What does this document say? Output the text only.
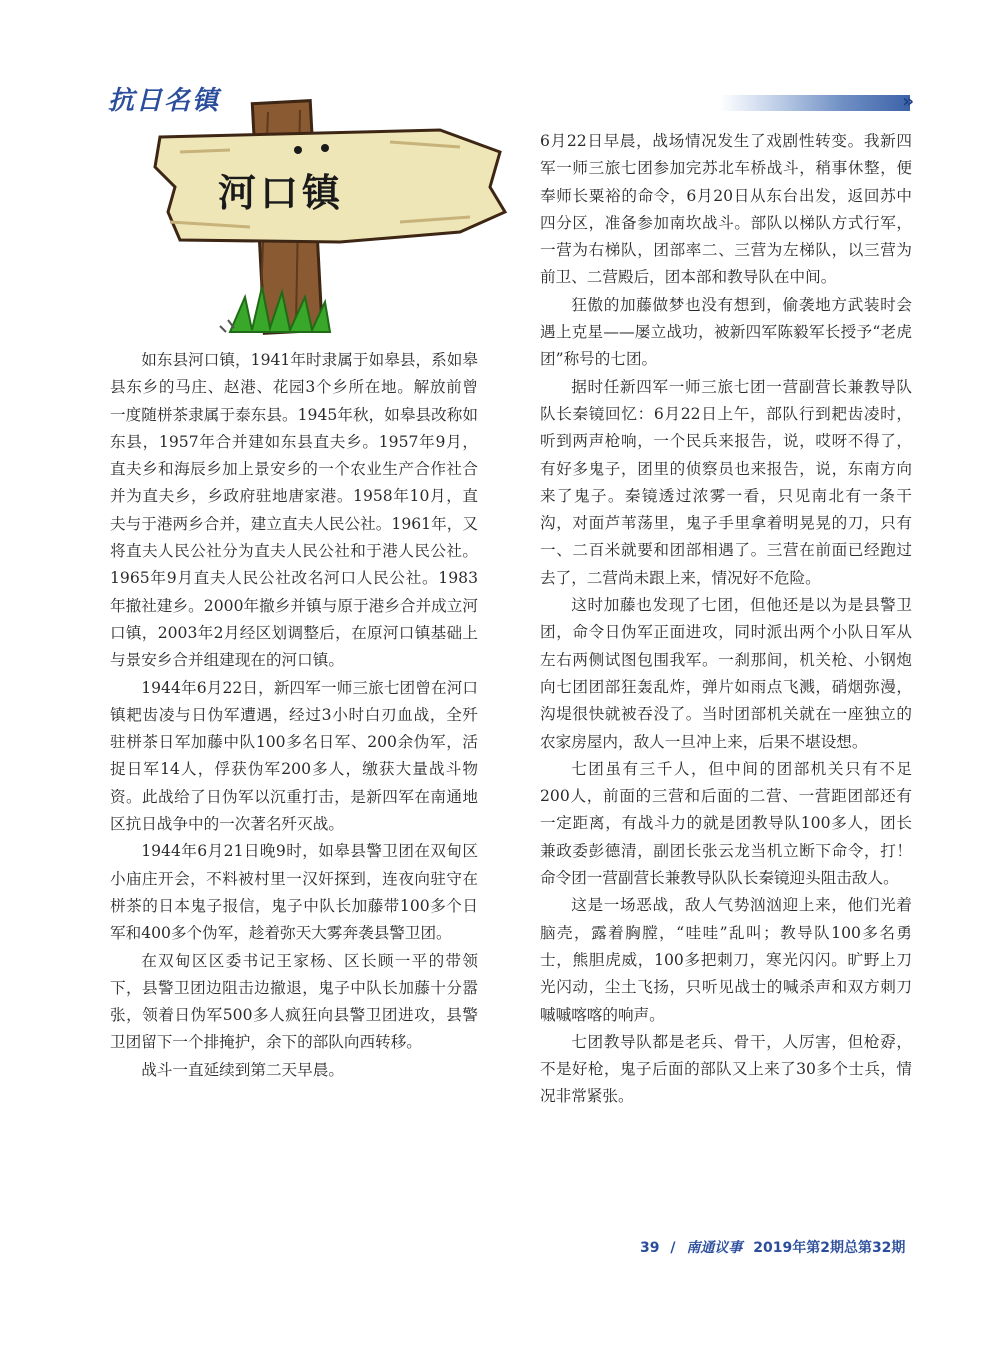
抗日名镇	»
河口镇

如东县河口镇，1941年时隶属于如皋县，系如皋县东乡的马庄、赵港、花园3个乡所在地。解放前曾一度随栟茶隶属于泰东县。1945年秋，如皋县改称如东县，1957年合并建如东县直夫乡。1957年9月，直夫乡和海辰乡加上景安乡的一个农业生产合作社合并为直夫乡，乡政府驻地唐家港。1958年10月，直夫与于港两乡合并，建立直夫人民公社。1961年，又将直夫人民公社分为直夫人民公社和于港人民公社。1965年9月直夫人民公社改名河口人民公社。1983年撤社建乡。2000年撤乡并镇与原于港乡合并成立河口镇，2003年2月经区划调整后，在原河口镇基础上与景安乡合并组建现在的河口镇。

1944年6月22日，新四军一师三旅七团曾在河口镇耙齿凌与日伪军遭遇，经过3小时白刃血战，全歼驻栟茶日军加藤中队100多名日军、200余伪军，活捉日军14人，俘获伪军200多人，缴获大量战斗物资。此战给了日伪军以沉重打击，是新四军在南通地区抗日战争中的一次著名歼灭战。

1944年6月21日晚9时，如皋县警卫团在双甸区小庙庄开会，不料被村里一汉奸探到，连夜向驻守在栟茶的日本鬼子报信，鬼子中队长加藤带100多个日军和400多个伪军，趁着弥天大雾奔袭县警卫团。

在双甸区区委书记王家杨、区长顾一平的带领下，县警卫团边阻击边撤退，鬼子中队长加藤十分嚣张，领着日伪军500多人疯狂向县警卫团进攻，县警卫团留下一个排掩护，余下的部队向西转移。

战斗一直延续到第二天早晨。

6月22日早晨，战场情况发生了戏剧性转变。我新四军一师三旅七团参加完苏北车桥战斗，稍事休整，便奉师长粟裕的命令，6月20日从东台出发，返回苏中四分区，准备参加南坎战斗。部队以梯队方式行军，一营为右梯队，团部率二、三营为左梯队，以三营为前卫、二营殿后，团本部和教导队在中间。

狂傲的加藤做梦也没有想到，偷袭地方武装时会遇上克星——屡立战功，被新四军陈毅军长授予“老虎团”称号的七团。

据时任新四军一师三旅七团一营副营长兼教导队队长秦镜回忆：6月22日上午，部队行到耙齿凌时，听到两声枪响，一个民兵来报告，说，哎呀不得了，有好多鬼子，团里的侦察员也来报告，说，东南方向来了鬼子。秦镜透过浓雾一看，只见南北有一条干沟，对面芦苇荡里，鬼子手里拿着明晃晃的刀，只有一、二百米就要和团部相遇了。三营在前面已经跑过去了，二营尚未跟上来，情况好不危险。

这时加藤也发现了七团，但他还是以为是县警卫团，命令日伪军正面进攻，同时派出两个小队日军从左右两侧试图包围我军。一刹那间，机关枪、小钢炮向七团团部狂轰乱炸，弹片如雨点飞溅，硝烟弥漫，沟堤很快就被吞没了。当时团部机关就在一座独立的农家房屋内，敌人一旦冲上来，后果不堪设想。

七团虽有三千人，但中间的团部机关只有不足200人，前面的三营和后面的二营、一营距团部还有一定距离，有战斗力的就是团教导队100多人，团长兼政委彭德清，副团长张云龙当机立断下命令，打！命令团一营副营长兼教导队队长秦镜迎头阻击敌人。

这是一场恶战，敌人气势汹汹迎上来，他们光着脑壳，露着胸膛，“哇哇”乱叫；教导队100多名勇士，熊胆虎威，100多把刺刀，寒光闪闪。旷野上刀光闪动，尘土飞扬，只听见战士的喊杀声和双方刺刀嘁嘁喀喀的响声。

七团教导队都是老兵、骨干，人厉害，但枪孬，不是好枪，鬼子后面的部队又上来了30多个士兵，情况非常紧张。

39 / 南通议事 2019年第2期总第32期
